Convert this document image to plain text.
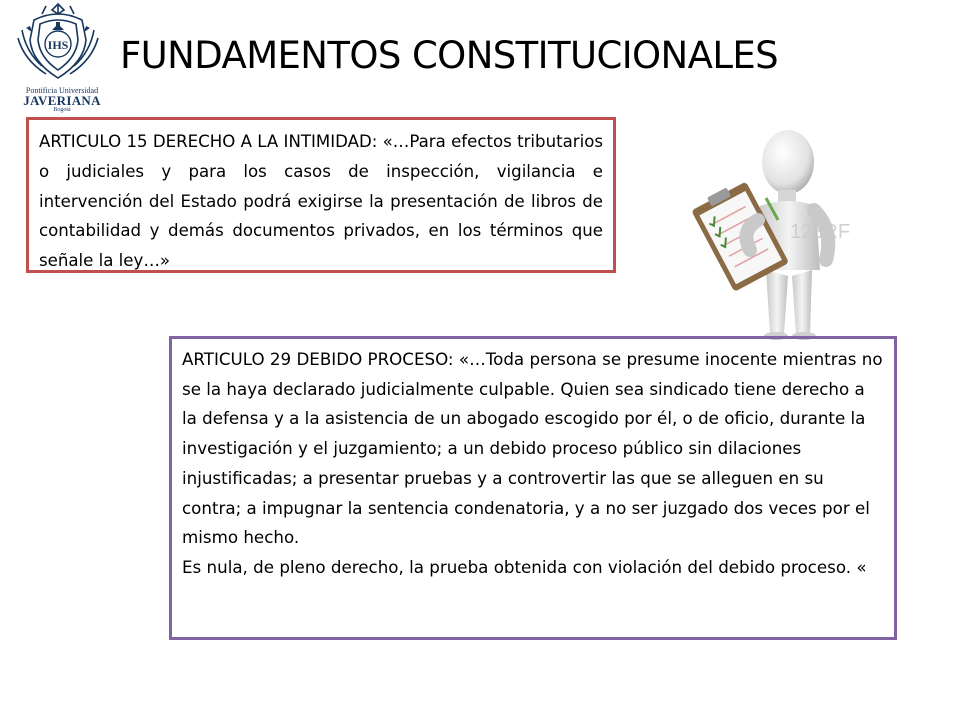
IHS
Pontificia Universidad
JAVERIANA
Bogotá
FUNDAMENTOS CONSTITUCIONALES
ARTICULO 15 DERECHO A LA INTIMIDAD: «…Para efectos tributarios o judiciales y para los casos de inspección, vigilancia e intervención del Estado podrá exigirse la presentación de libros de contabilidad y demás documentos privados, en los términos que señale la ley…»
123RF

ARTICULO 29 DEBIDO PROCESO: «…Toda persona se presume inocente mientras no se la haya declarado judicialmente culpable. Quien sea sindicado tiene derecho a la defensa y a la asistencia de un abogado escogido por él, o de oficio, durante la investigación y el juzgamiento; a un debido proceso público sin dilaciones injustificadas; a presentar pruebas y a controvertir las que se alleguen en su contra; a impugnar la sentencia condenatoria, y a no ser juzgado dos veces por el mismo hecho.

Es nula, de pleno derecho, la prueba obtenida con violación del debido proceso. «
